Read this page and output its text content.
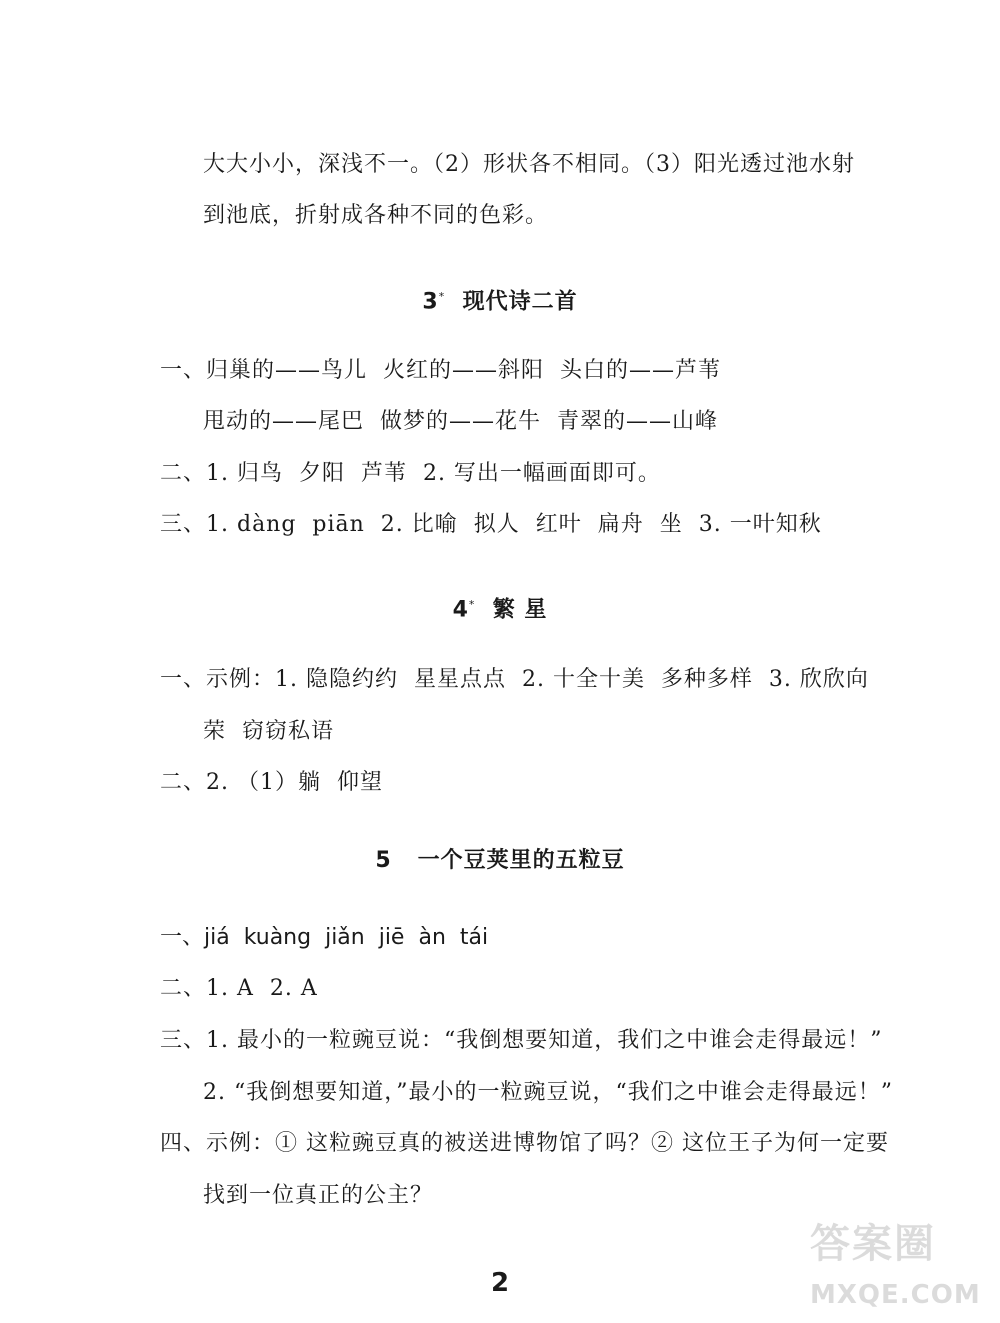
大大小小，深浅不一。（2）形状各不相同。（3）阳光透过池水射
到池底，折射成各种不同的色彩。
3* 现代诗二首
一、归巢的——鸟儿  火红的——斜阳  头白的——芦苇
甩动的——尾巴  做梦的——花牛  青翠的——山峰
二、1. 归鸟  夕阳  芦苇  2. 写出一幅画面即可。
三、1. dàng  piān  2. 比喻  拟人  红叶  扁舟  坐  3. 一叶知秋
4* 繁 星
一、示例：1. 隐隐约约  星星点点  2. 十全十美  多种多样  3. 欣欣向
荣  窃窃私语
二、2. （1）躺  仰望
5 一个豆荚里的五粒豆
一、jiá  kuàng  jiǎn  jiē  àn  tái
二、1. A  2. A
三、1. 最小的一粒豌豆说：“我倒想要知道，我们之中谁会走得最远！”
2. “我倒想要知道，”最小的一粒豌豆说，“我们之中谁会走得最远！”
四、示例：① 这粒豌豆真的被送进博物馆了吗？② 这位王子为何一定要
找到一位真正的公主？
2
答案圈
MXQE.COM
